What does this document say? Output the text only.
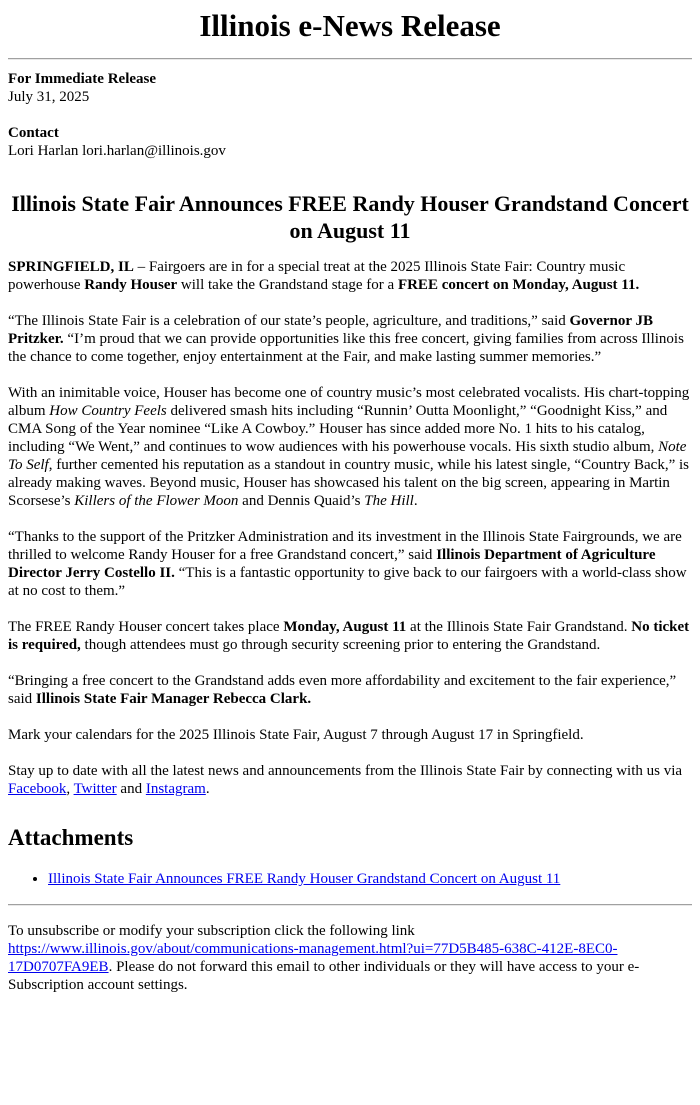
Illinois e-News Release

For Immediate Release
July 31, 2025

Contact
Lori Harlan lori.harlan@illinois.gov

Illinois State Fair Announces FREE Randy Houser Grandstand Concert on August 11

SPRINGFIELD, IL – Fairgoers are in for a special treat at the 2025 Illinois State Fair: Country music powerhouse Randy Houser will take the Grandstand stage for a FREE concert on Monday, August 11.

“The Illinois State Fair is a celebration of our state’s people, agriculture, and traditions,” said Governor JB Pritzker. “I’m proud that we can provide opportunities like this free concert, giving families from across Illinois the chance to come together, enjoy entertainment at the Fair, and make lasting summer memories.”

With an inimitable voice, Houser has become one of country music’s most celebrated vocalists. His chart-topping album How Country Feels delivered smash hits including “Runnin’ Outta Moonlight,” “Goodnight Kiss,” and CMA Song of the Year nominee “Like A Cowboy.” Houser has since added more No. 1 hits to his catalog, including “We Went,” and continues to wow audiences with his powerhouse vocals. His sixth studio album, Note To Self, further cemented his reputation as a standout in country music, while his latest single, “Country Back,” is already making waves. Beyond music, Houser has showcased his talent on the big screen, appearing in Martin Scorsese’s Killers of the Flower Moon and Dennis Quaid’s The Hill.

“Thanks to the support of the Pritzker Administration and its investment in the Illinois State Fairgrounds, we are thrilled to welcome Randy Houser for a free Grandstand concert,” said Illinois Department of Agriculture Director Jerry Costello II. “This is a fantastic opportunity to give back to our fairgoers with a world-class show at no cost to them.”

The FREE Randy Houser concert takes place Monday, August 11 at the Illinois State Fair Grandstand. No ticket is required, though attendees must go through security screening prior to entering the Grandstand.

“Bringing a free concert to the Grandstand adds even more affordability and excitement to the fair experience,” said Illinois State Fair Manager Rebecca Clark.

Mark your calendars for the 2025 Illinois State Fair, August 7 through August 17 in Springfield.

Stay up to date with all the latest news and announcements from the Illinois State Fair by connecting with us via Facebook, Twitter and Instagram.

Attachments
• Illinois State Fair Announces FREE Randy Houser Grandstand Concert on August 11

To unsubscribe or modify your subscription click the following link https://www.illinois.gov/about/communications-management.html?ui=77D5B485-638C-412E-8EC0-17D0707FA9EB. Please do not forward this email to other individuals or they will have access to your e-Subscription account settings.
